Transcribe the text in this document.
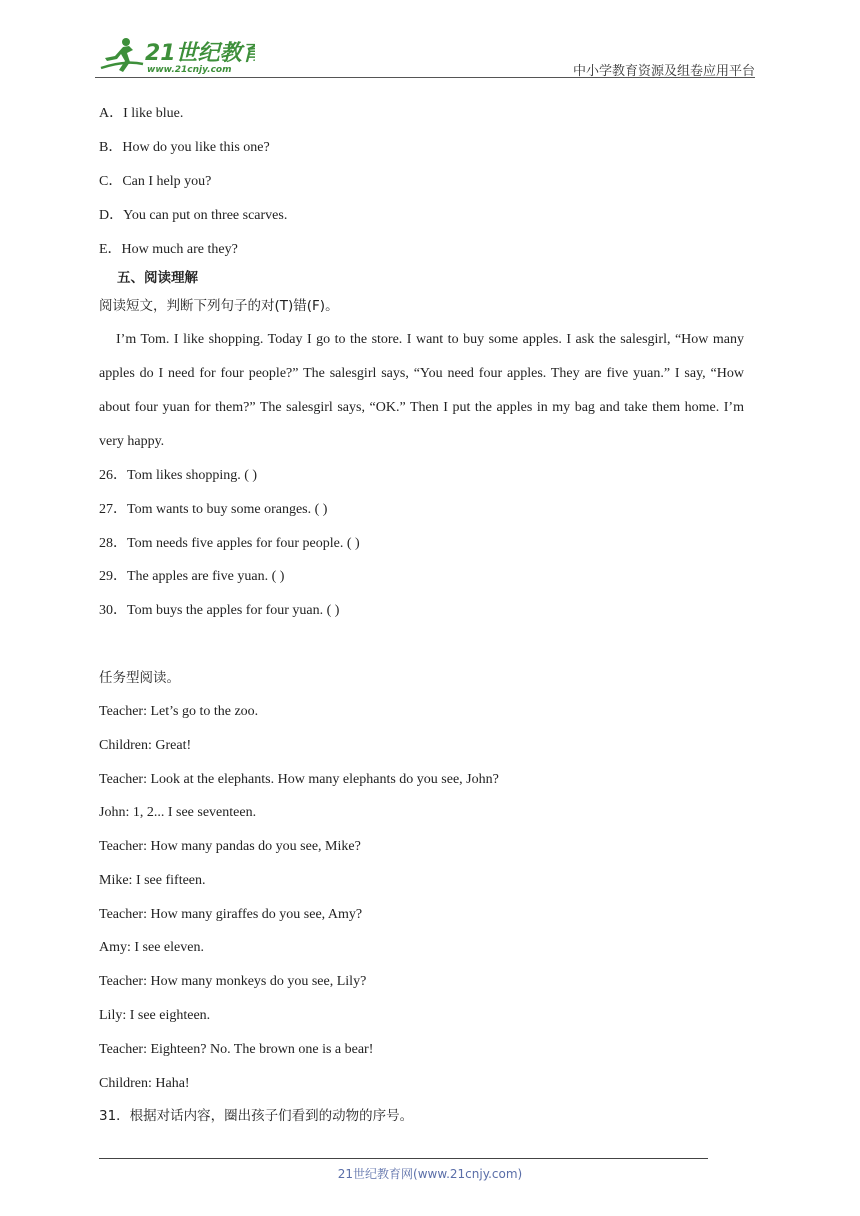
21世纪教育
www.21cnjy.com	中小学教育资源及组卷应用平台
A．I like blue.
B．How do you like this one?
C．Can I help you?
D．You can put on three scarves.
E．How much are they?
五、阅读理解
阅读短文，判断下列句子的对(T)错(F)。
I’m Tom. I like shopping. Today I go to the store. I want to buy some apples. I ask the salesgirl, “How many apples do I need for four people?” The salesgirl says, “You need four apples. They are five yuan.” I say, “How about four yuan for them?” The salesgirl says, “OK.” Then I put the apples in my bag and take them home. I’m very happy.
26．Tom likes shopping. ( )
27．Tom wants to buy some oranges. ( )
28．Tom needs five apples for four people. ( )
29．The apples are five yuan. ( )
30．Tom buys the apples for four yuan. ( )
任务型阅读。
Teacher: Let’s go to the zoo.
Children: Great!
Teacher: Look at the elephants. How many elephants do you see, John?
John: 1, 2... I see seventeen.
Teacher: How many pandas do you see, Mike?
Mike: I see fifteen.
Teacher: How many giraffes do you see, Amy?
Amy: I see eleven.
Teacher: How many monkeys do you see, Lily?
Lily: I see eighteen.
Teacher: Eighteen? No. The brown one is a bear!
Children: Haha!
31．根据对话内容，圈出孩子们看到的动物的序号。
21世纪教育网(www.21cnjy.com)
